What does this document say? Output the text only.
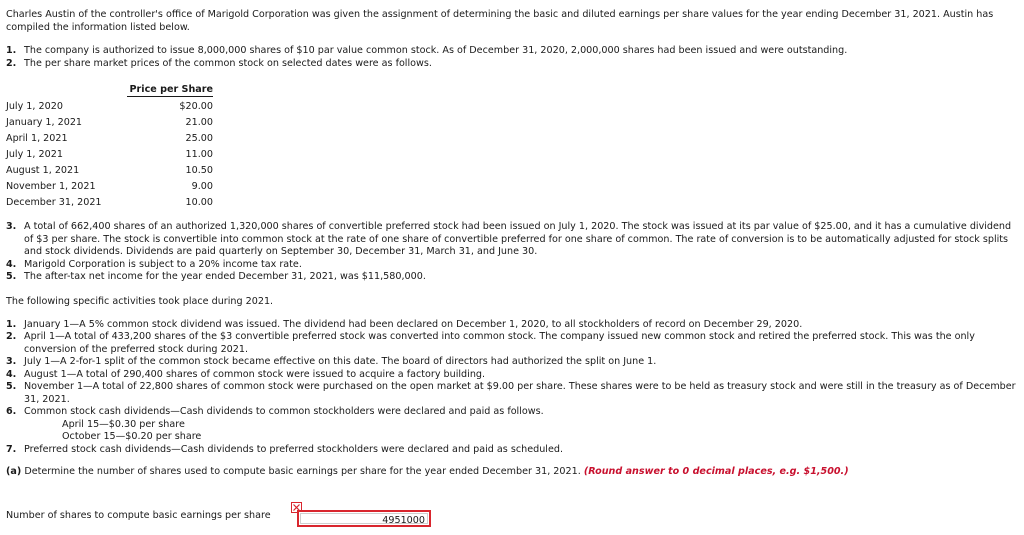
Charles Austin of the controller's office of Marigold Corporation was given the assignment of determining the basic and diluted earnings per share values for the year ending December 31, 2021. Austin has compiled the information listed below.

1. The company is authorized to issue 8,000,000 shares of $10 par value common stock. As of December 31, 2020, 2,000,000 shares had been issued and were outstanding.
2. The per share market prices of the common stock on selected dates were as follows.
	Price per Share
July 1, 2020	$20.00
January 1, 2021	21.00
April 1, 2021	25.00
July 1, 2021	11.00
August 1, 2021	10.50
November 1, 2021	9.00
December 31, 2021	10.00
3. A total of 662,400 shares of an authorized 1,320,000 shares of convertible preferred stock had been issued on July 1, 2020. The stock was issued at its par value of $25.00, and it has a cumulative dividend of $3 per share. The stock is convertible into common stock at the rate of one share of convertible preferred for one share of common. The rate of conversion is to be automatically adjusted for stock splits and stock dividends. Dividends are paid quarterly on September 30, December 31, March 31, and June 30.
4. Marigold Corporation is subject to a 20% income tax rate.
5. The after-tax net income for the year ended December 31, 2021, was $11,580,000.

The following specific activities took place during 2021.

1. January 1—A 5% common stock dividend was issued. The dividend had been declared on December 1, 2020, to all stockholders of record on December 29, 2020.
2. April 1—A total of 433,200 shares of the $3 convertible preferred stock was converted into common stock. The company issued new common stock and retired the preferred stock. This was the only conversion of the preferred stock during 2021.
3. July 1—A 2-for-1 split of the common stock became effective on this date. The board of directors had authorized the split on June 1.
4. August 1—A total of 290,400 shares of common stock were issued to acquire a factory building.
5. November 1—A total of 22,800 shares of common stock were purchased on the open market at $9.00 per share. These shares were to be held as treasury stock and were still in the treasury as of December 31, 2021.
6. Common stock cash dividends—Cash dividends to common stockholders were declared and paid as follows.
April 15—$0.30 per share
October 15—$0.20 per share
7. Preferred stock cash dividends—Cash dividends to preferred stockholders were declared and paid as scheduled.

(a) Determine the number of shares used to compute basic earnings per share for the year ended December 31, 2021. (Round answer to 0 decimal places, e.g. $1,500.)

Number of shares to compute basic earnings per share	4951000
